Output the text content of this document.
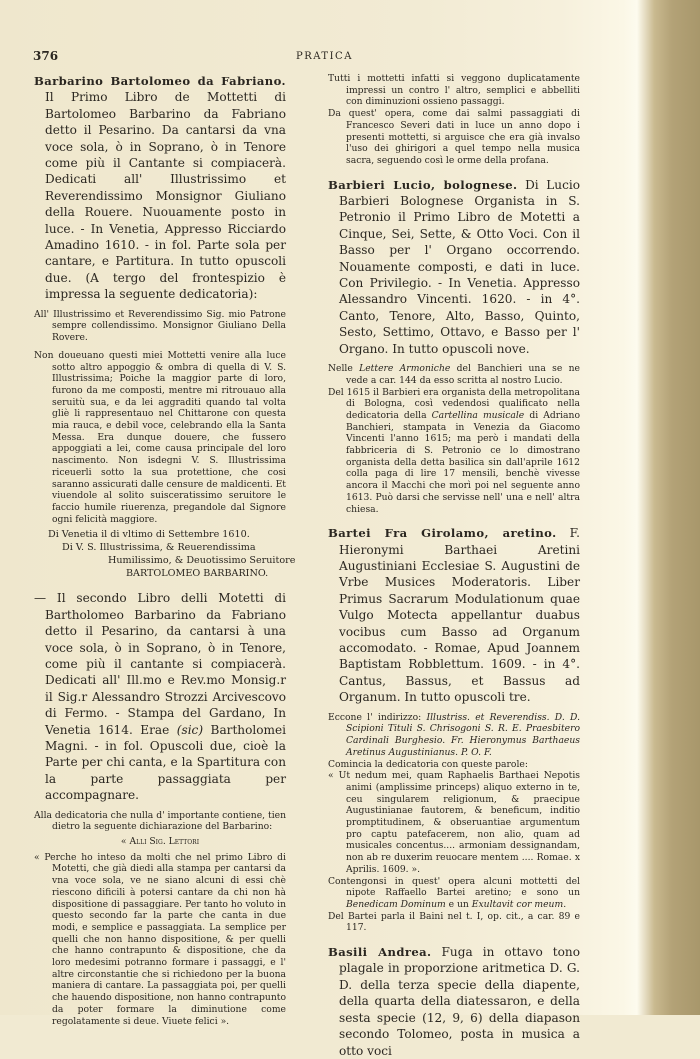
376	PRATICA

Barbarino Bartolomeo da Fabriano. Il Primo Libro de Mottetti di Bartolomeo Barbarino da Fabriano detto il Pesarino. Da cantarsi da vna voce sola, ò in Soprano, ò in Tenore come più il Cantante si compiacerà. Dedicati all' Illustrissimo et Reverendissimo Monsignor Giuliano della Rouere. Nuouamente posto in luce. - In Venetia, Appresso Ricciardo Amadino 1610. - in fol. Parte sola per cantare, e Partitura. In tutto opuscoli due. (A tergo del frontespizio è impressa la seguente dedicatoria):

All' Illustrissimo et Reverendissimo Sig. mio Patrone sempre collendissimo. Monsignor Giuliano Della Rovere.

Non doueuano questi miei Mottetti venire alla luce sotto altro appoggio & ombra di quella di V. S. Illustrissima; Poiche la maggior parte di loro, furono da me composti, mentre mi ritrouauo alla seruitù sua, e da lei aggraditi quando tal volta gliè li rappresentauo nel Chittarone con questa mia rauca, e debil voce, celebrando ella la Santa Messa. Era dunque douere, che fussero appoggiati a lei, come causa principale del loro nascimento. Non isdegni V. S. Illustrissima riceuerli sotto la sua protettione, che cosi saranno assicurati dalle censure de maldicenti. Et viuendole al solito suisceratissimo seruitore le faccio humile riuerenza, pregandole dal Signore ogni felicità maggiore.

Di Venetia il di vltimo di Settembre 1610.
Di V. S. Illustrissima, & Reuerendissima
Humilissimo, & Deuotissimo Seruitore
BARTOLOMEO BARBARINO.

— Il secondo Libro delli Motetti di Bartholomeo Barbarino da Fabriano detto il Pesarino, da cantarsi à una voce sola, ò in Soprano, ò in Tenore, come più il cantante si compiacerà. Dedicati all' Ill.mo e Rev.mo Monsig.r il Sig.r Alessandro Strozzi Arcivescovo di Fermo. - Stampa del Gardano, In Venetia 1614. Erae (sic) Bartholomei Magni. - in fol. Opuscoli due, cioè la Parte per chi canta, e la Spartitura con la parte passaggiata per accompagnare.

Alla dedicatoria che nulla d' importante contiene, tien dietro la seguente dichiarazione del Barbarino:

« Alli Sig. Lettori

« Perche ho inteso da molti che nel primo Libro di Motetti, che già diedi alla stampa per cantarsi da vna voce sola, ve ne siano alcuni di essi chè riescono dificili à potersi cantare da chi non hà dispositione di passaggiare. Per tanto ho voluto in questo secondo far la parte che canta in due modi, e semplice e passaggiata. La semplice per quelli che non hanno dispositione, & per quelli che hanno contrapunto & dispositione, che da loro medesimi potranno formare i passaggi, e l' altre circonstantie che si richiedono per la buona maniera di cantare. La passaggiata poi, per quelli che hauendo dispositione, non hanno contrapunto da poter formare la diminutione come regolatamente si deue. Viuete felici ».

Tutti i mottetti infatti si veggono duplicatamente impressi un contro l' altro, semplici e abbelliti con diminuzioni ossieno passaggi.

Da quest' opera, come dai salmi passaggiati di Francesco Severi dati in luce un anno dopo i presenti mottetti, si arguisce che era già invalso l'uso dei ghirigori a quel tempo nella musica sacra, seguendo così le orme della profana.

Barbieri Lucio, bolognese. Di Lucio Barbieri Bolognese Organista in S. Petronio il Primo Libro de Motetti a Cinque, Sei, Sette, & Otto Voci. Con il Basso per l' Organo occorrendo. Nouamente composti, e dati in luce. Con Privilegio. - In Venetia. Appresso Alessandro Vincenti. 1620. - in 4°. Canto, Tenore, Alto, Basso, Quinto, Sesto, Settimo, Ottavo, e Basso per l' Organo. In tutto opuscoli nove.

Nelle Lettere Armoniche del Banchieri una se ne vede a car. 144 da esso scritta al nostro Lucio.

Del 1615 il Barbieri era organista della metropolitana di Bologna, così vedendosi qualificato nella dedicatoria della Cartellina musicale di Adriano Banchieri, stampata in Venezia da Giacomo Vincenti l'anno 1615; ma però i mandati della fabbriceria di S. Petronio ce lo dimostrano organista della detta basilica sin dall'aprile 1612 colla paga di lire 17 mensili, benchè vivesse ancora il Macchi che morì poi nel seguente anno 1613. Può darsi che servisse nell' una e nell' altra chiesa.

Bartei Fra Girolamo, aretino. F. Hieronymi Barthaei Aretini Augustiniani Ecclesiae S. Augustini de Vrbe Musices Moderatoris. Liber Primus Sacrarum Modulationum quae Vulgo Motecta appellantur duabus vocibus cum Basso ad Organum accomodato. - Romae, Apud Joannem Baptistam Robblettum. 1609. - in 4°. Cantus, Bassus, et Bassus ad Organum. In tutto opuscoli tre.

Eccone l' indirizzo: Illustriss. et Reverendiss. D. D. Scipioni Tituli S. Chrisogoni S. R. E. Praesbitero Cardinali Burghesio. Fr. Hieronymus Barthaeus Aretinus Augustinianus. P. O. F.

Comincia la dedicatoria con queste parole:

« Ut nedum mei, quam Raphaelis Barthaei Nepotis animi (amplissime princeps) aliquo externo in te, ceu singularem religionum, & praecipue Augustinianae fautorem, & beneficum, inditio promptitudinem, & obseruantiae argumentum pro captu patefacerem, non alio, quam ad musicales concentus.... armoniam dessignandam, non ab re duxerim reuocare mentem .... Romae. x Aprilis. 1609. ».

Contengonsi in quest' opera alcuni mottetti del nipote Raffaello Bartei aretino; e sono un Benedicam Dominum e un Exultavit cor meum.

Del Bartei parla il Baini nel t. I, op. cit., a car. 89 e 117.

Basili Andrea. Fuga in ottavo tono plagale in proporzione aritmetica D. G. D. della terza specie della diapente, della quarta della diatessaron, e della sesta specie (12, 9, 6) della diapason secondo Tolomeo, posta in musica a otto voci
